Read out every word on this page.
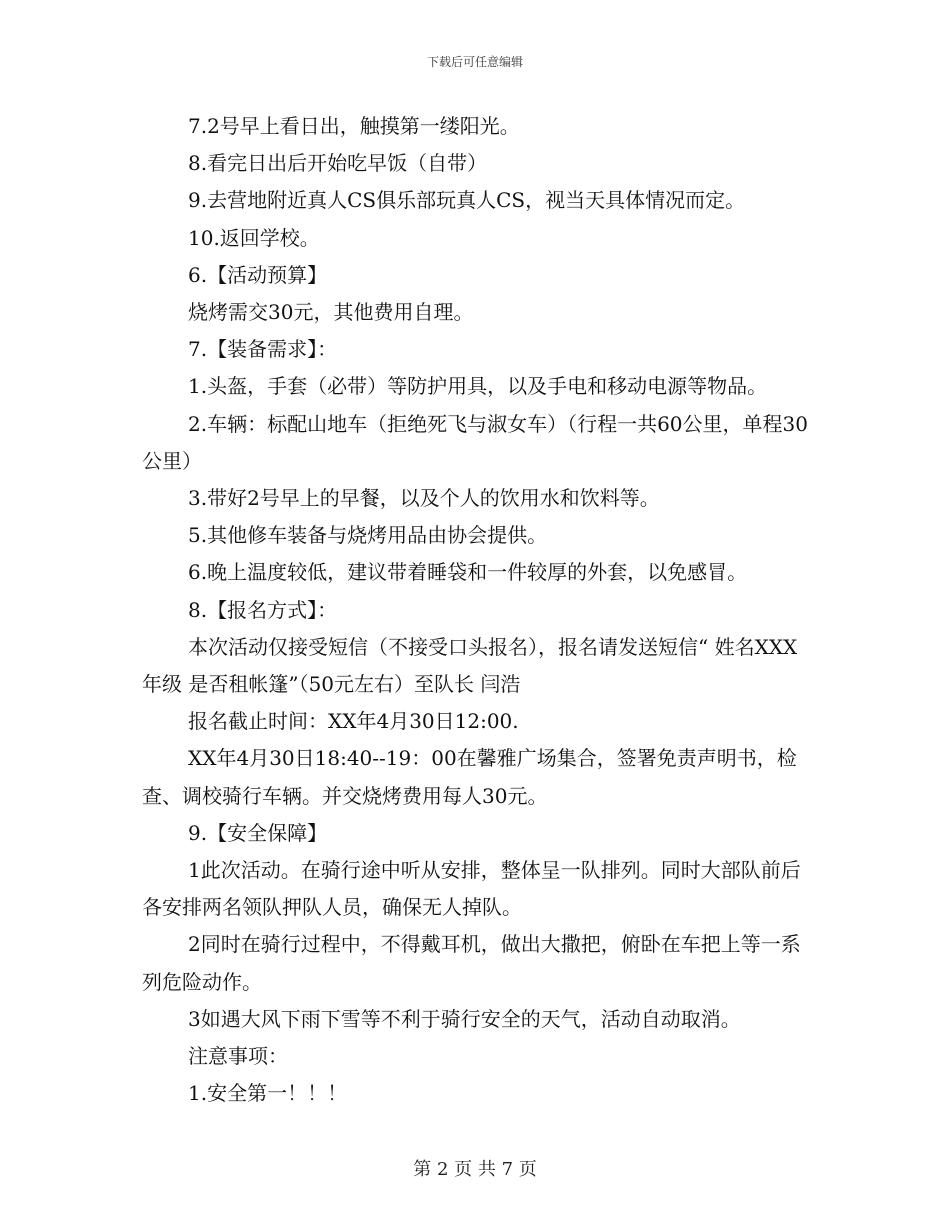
下载后可任意编辑

7.2号早上看日出，触摸第一缕阳光。

8.看完日出后开始吃早饭（自带）

9.去营地附近真人CS俱乐部玩真人CS，视当天具体情况而定。

10.返回学校。

6.【活动预算】

烧烤需交30元，其他费用自理。

7.【装备需求】：

1.头盔，手套（必带）等防护用具，以及手电和移动电源等物品。

2.车辆：标配山地车（拒绝死飞与淑女车）（行程一共60公里，单程30公里）

3.带好2号早上的早餐，以及个人的饮用水和饮料等。

5.其他修车装备与烧烤用品由协会提供。

6.晚上温度较低，建议带着睡袋和一件较厚的外套，以免感冒。

8.【报名方式】：

本次活动仅接受短信（不接受口头报名），报名请发送短信“ 姓名XXX   年级 是否租帐篷”（50元左右）至队长 闫浩

报名截止时间：XX年4月30日12:00.

XX年4月30日18:40--19：00在馨雅广场集合，签署免责声明书，检查、调校骑行车辆。并交烧烤费用每人30元。

9.【安全保障】

1此次活动。在骑行途中听从安排，整体呈一队排列。同时大部队前后各安排两名领队押队人员，确保无人掉队。

2同时在骑行过程中，不得戴耳机，做出大撒把，俯卧在车把上等一系列危险动作。

3如遇大风下雨下雪等不利于骑行安全的天气，活动自动取消。

注意事项：

1.安全第一！！！

第 2 页 共 7 页
